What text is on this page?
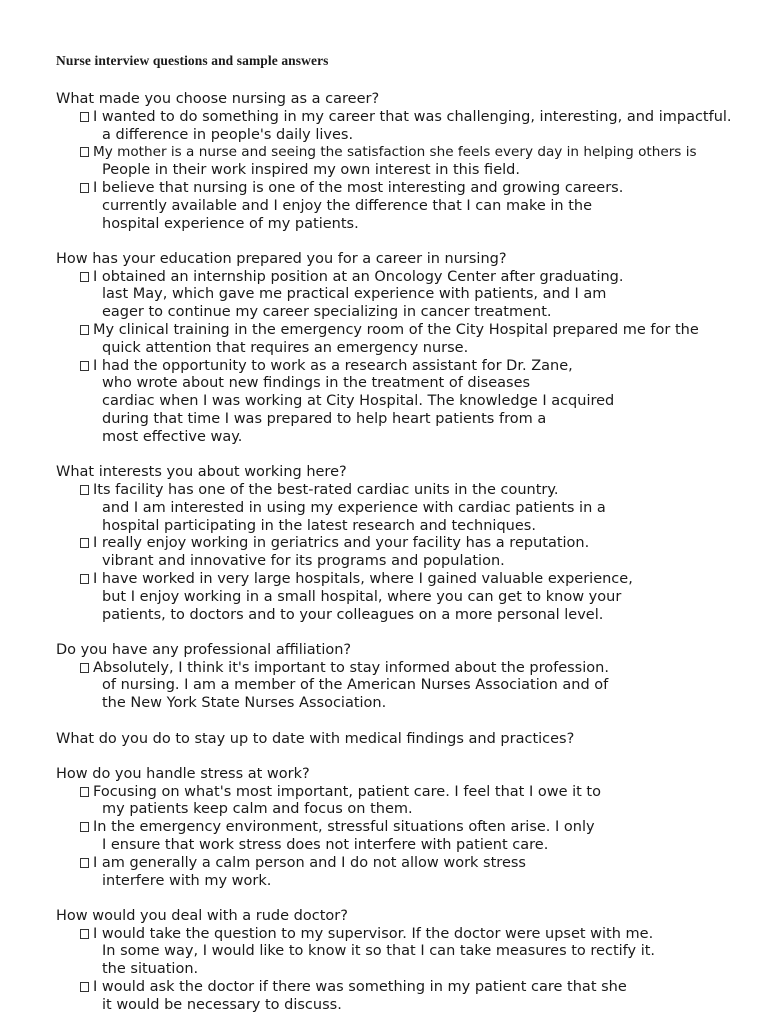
Nurse interview questions and sample answers
What made you choose nursing as a career?
I wanted to do something in my career that was challenging, interesting, and impactful.
a difference in people's daily lives.
My mother is a nurse and seeing the satisfaction she feels every day in helping others is
People in their work inspired my own interest in this field.
I believe that nursing is one of the most interesting and growing careers.
currently available and I enjoy the difference that I can make in the
hospital experience of my patients.
How has your education prepared you for a career in nursing?
I obtained an internship position at an Oncology Center after graduating.
last May, which gave me practical experience with patients, and I am
eager to continue my career specializing in cancer treatment.
My clinical training in the emergency room of the City Hospital prepared me for the
quick attention that requires an emergency nurse.
I had the opportunity to work as a research assistant for Dr. Zane,
who wrote about new findings in the treatment of diseases
cardiac when I was working at City Hospital. The knowledge I acquired
during that time I was prepared to help heart patients from a
most effective way.
What interests you about working here?
Its facility has one of the best-rated cardiac units in the country.
and I am interested in using my experience with cardiac patients in a
hospital participating in the latest research and techniques.
I really enjoy working in geriatrics and your facility has a reputation.
vibrant and innovative for its programs and population.
I have worked in very large hospitals, where I gained valuable experience,
but I enjoy working in a small hospital, where you can get to know your
patients, to doctors and to your colleagues on a more personal level.
Do you have any professional affiliation?
Absolutely, I think it's important to stay informed about the profession.
of nursing. I am a member of the American Nurses Association and of
the New York State Nurses Association.
What do you do to stay up to date with medical findings and practices?
How do you handle stress at work?
Focusing on what's most important, patient care. I feel that I owe it to
my patients keep calm and focus on them.
In the emergency environment, stressful situations often arise. I only
I ensure that work stress does not interfere with patient care.
I am generally a calm person and I do not allow work stress
interfere with my work.
How would you deal with a rude doctor?
I would take the question to my supervisor. If the doctor were upset with me.
In some way, I would like to know it so that I can take measures to rectify it.
the situation.
I would ask the doctor if there was something in my patient care that she
it would be necessary to discuss.
